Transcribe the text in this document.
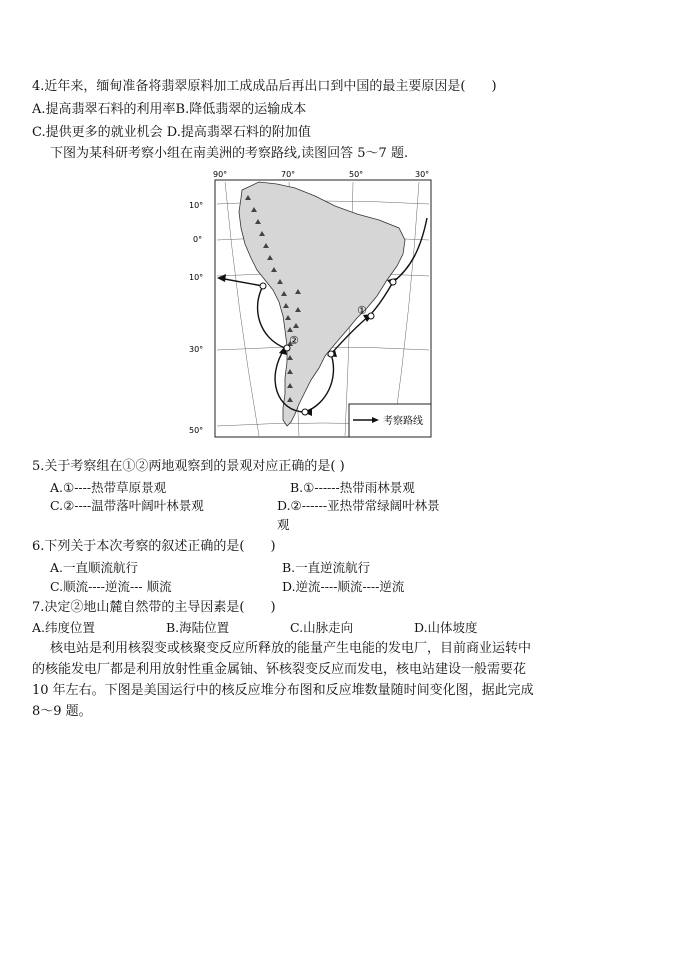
4.近年来，缅甸准备将翡翠原料加工成成品后再出口到中国的最主要原因是(　　)
A.提高翡翠石料的利用率B.降低翡翠的运输成本
C.提供更多的就业机会 D.提高翡翠石料的附加值
下图为某科研考察小组在南美洲的考察路线,读图回答 5～7 题.
90°	70°	50°	30°
10°
0°
10°
30°
50°
①
②
考察路线
5.关于考察组在①②两地观察到的景观对应正确的是( )
A.①----热带草原景观	B.①------热带雨林景观
C.②----温带落叶阔叶林景观	D.②------亚热带常绿阔叶林景
观
6.下列关于本次考察的叙述正确的是(　　)
A.一直顺流航行	B.一直逆流航行
C.顺流----逆流--- 顺流	D.逆流----顺流----逆流
7.决定②地山麓自然带的主导因素是(　　)
A.纬度位置	B.海陆位置	C.山脉走向	D.山体坡度
核电站是利用核裂变或核聚变反应所释放的能量产生电能的发电厂，目前商业运转中
的核能发电厂都是利用放射性重金属铀、钚核裂变反应而发电，核电站建设一般需要花
10 年左右。下图是美国运行中的核反应堆分布图和反应堆数量随时间变化图，据此完成
8～9 题。
